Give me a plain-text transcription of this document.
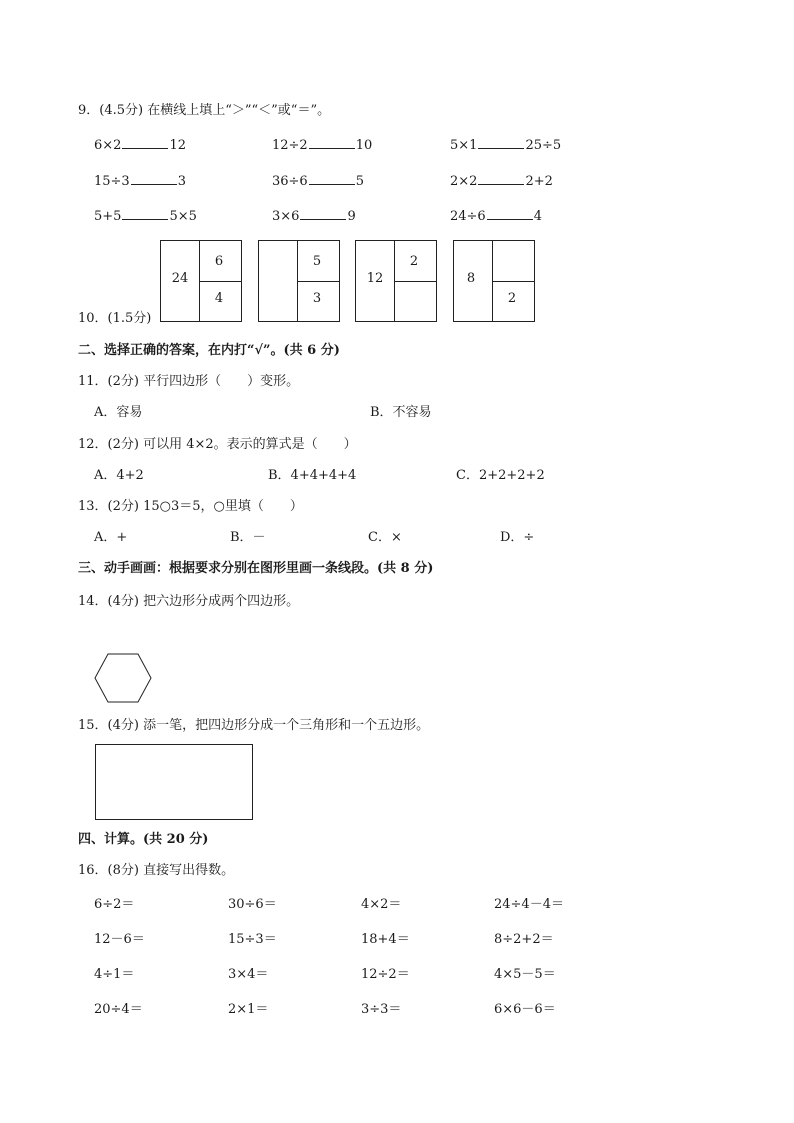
9．(4.5分) 在横线上填上“＞”“＜”或“＝”。
6×2	12	12÷2	10	5×1	25÷5
15÷3	3	36÷6	5	2×2	2+2
5+5	5×5	3×6	9	24÷6	4
10．(1.5分)
24
6
4
5
3
12
2
8
2
二、选择正确的答案，在内打“√”。(共 6 分)
11．(2分) 平行四边形（　　）变形。
A．容易	B．不容易
12．(2分) 可以用 4×2。表示的算式是（　　）
A．4+2	B．4+4+4+4	C．2+2+2+2
13．(2分) 15○3＝5，○里填（　　）
A．+	B．－	C．×	D．÷
三、动手画画：根据要求分别在图形里画一条线段。(共 8 分)
14．(4分) 把六边形分成两个四边形。
15．(4分) 添一笔，把四边形分成一个三角形和一个五边形。
四、计算。(共 20 分)
16．(8分) 直接写出得数。
6÷2＝	30÷6＝	4×2＝	24÷4－4＝
12－6＝	15÷3＝	18+4＝	8÷2+2＝
4÷1＝	3×4＝	12÷2＝	4×5－5＝
20÷4＝	2×1＝	3÷3＝	6×6－6＝
